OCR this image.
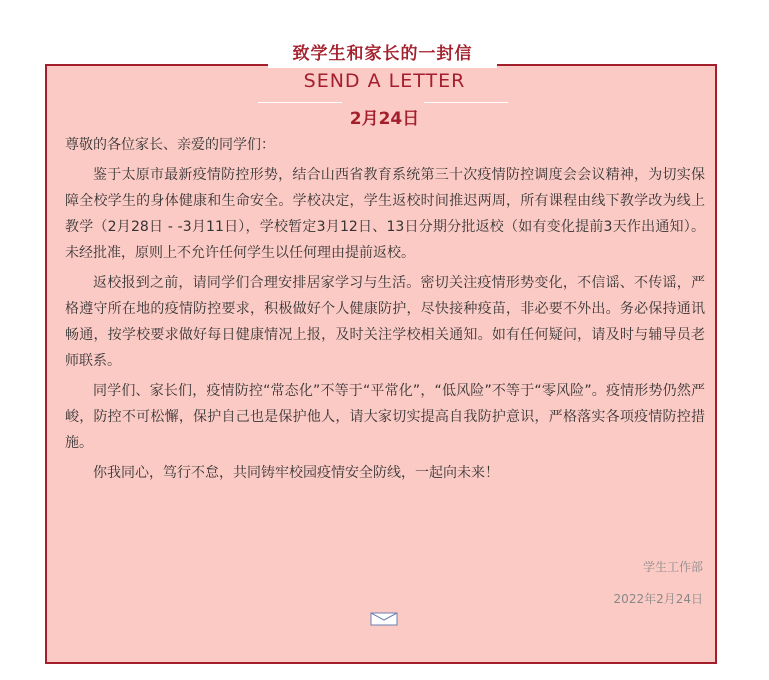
致学生和家长的一封信
SEND A LETTER
2月24日

尊敬的各位家长、亲爱的同学们：

鉴于太原市最新疫情防控形势，结合山西省教育系统第三十次疫情防控调度会会议精神，为切实保障全校学生的身体健康和生命安全。学校决定，学生返校时间推迟两周，所有课程由线下教学改为线上教学（2月28日 - -3月11日），学校暂定3月12日、13日分期分批返校（如有变化提前3天作出通知）。未经批准，原则上不允许任何学生以任何理由提前返校。

返校报到之前，请同学们合理安排居家学习与生活。密切关注疫情形势变化，不信谣、不传谣，严格遵守所在地的疫情防控要求，积极做好个人健康防护，尽快接种疫苗，非必要不外出。务必保持通讯畅通，按学校要求做好每日健康情况上报，及时关注学校相关通知。如有任何疑问，请及时与辅导员老师联系。

同学们、家长们，疫情防控“常态化”不等于“平常化”，“低风险”不等于“零风险”。疫情形势仍然严峻，防控不可松懈，保护自己也是保护他人，请大家切实提高自我防护意识，严格落实各项疫情防控措施。

你我同心，笃行不怠，共同铸牢校园疫情安全防线，一起向未来！

学生工作部
2022年2月24日
